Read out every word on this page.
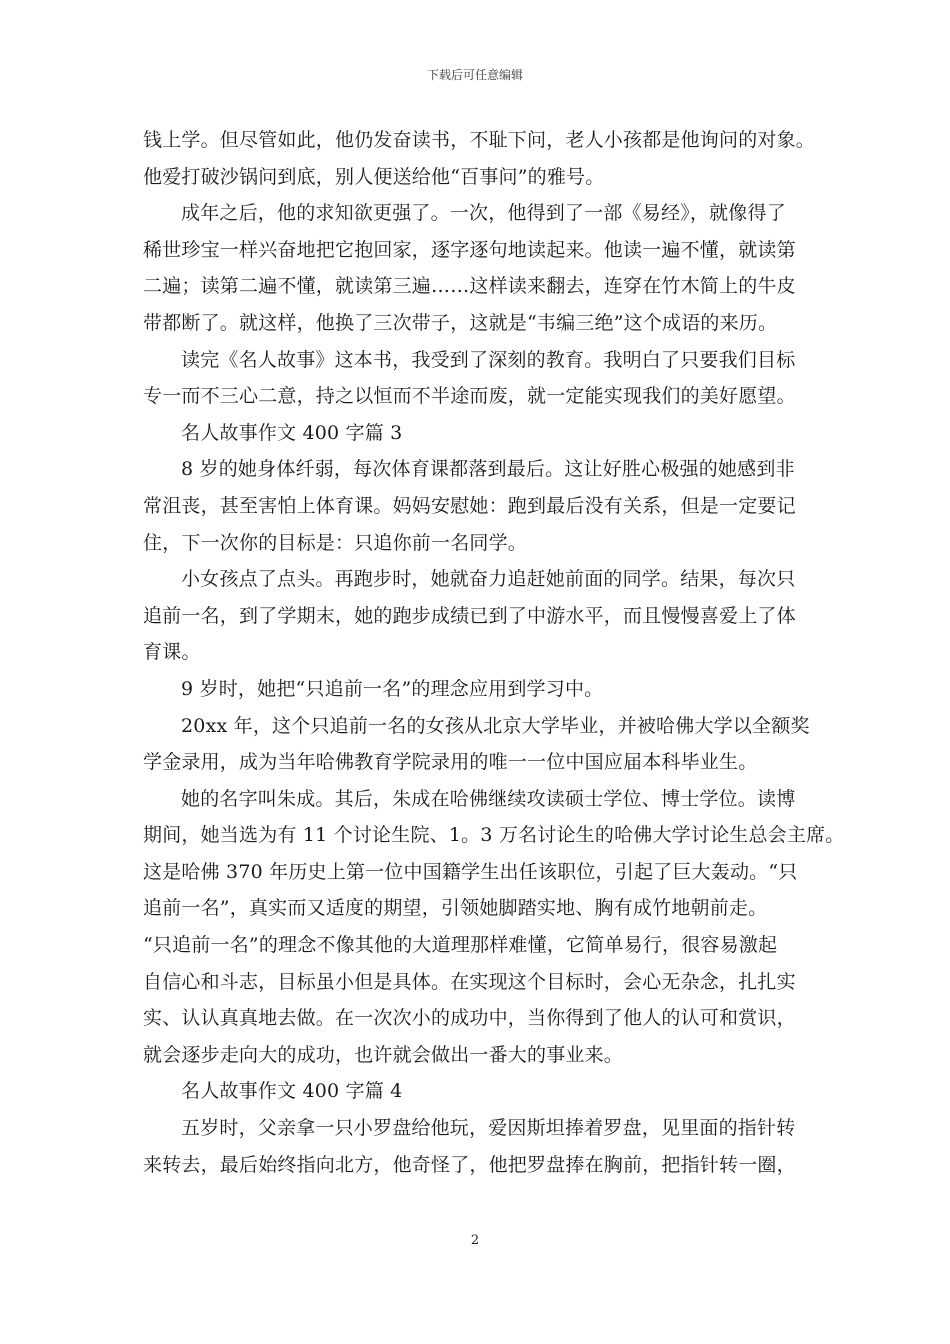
下载后可任意编辑
钱上学。但尽管如此，他仍发奋读书，不耻下问，老人小孩都是他询问的对象。
他爱打破沙锅问到底，别人便送给他“百事问”的雅号。
成年之后，他的求知欲更强了。一次，他得到了一部《易经》，就像得了
稀世珍宝一样兴奋地把它抱回家，逐字逐句地读起来。他读一遍不懂，就读第
二遍；读第二遍不懂，就读第三遍……这样读来翻去，连穿在竹木简上的牛皮
带都断了。就这样，他换了三次带子，这就是“韦编三绝”这个成语的来历。
读完《名人故事》这本书，我受到了深刻的教育。我明白了只要我们目标
专一而不三心二意，持之以恒而不半途而废，就一定能实现我们的美好愿望。
名人故事作文 400 字篇 3
8 岁的她身体纤弱，每次体育课都落到最后。这让好胜心极强的她感到非
常沮丧，甚至害怕上体育课。妈妈安慰她：跑到最后没有关系，但是一定要记
住，下一次你的目标是：只追你前一名同学。
小女孩点了点头。再跑步时，她就奋力追赶她前面的同学。结果，每次只
追前一名，到了学期末，她的跑步成绩已到了中游水平，而且慢慢喜爱上了体
育课。
9 岁时，她把“只追前一名”的理念应用到学习中。
20xx 年，这个只追前一名的女孩从北京大学毕业，并被哈佛大学以全额奖
学金录用，成为当年哈佛教育学院录用的唯一一位中国应届本科毕业生。
她的名字叫朱成。其后，朱成在哈佛继续攻读硕士学位、博士学位。读博
期间，她当选为有 11 个讨论生院、1。3 万名讨论生的哈佛大学讨论生总会主席。
这是哈佛 370 年历史上第一位中国籍学生出任该职位，引起了巨大轰动。“只
追前一名”，真实而又适度的期望，引领她脚踏实地、胸有成竹地朝前走。
“只追前一名”的理念不像其他的大道理那样难懂，它简单易行，很容易激起
自信心和斗志，目标虽小但是具体。在实现这个目标时，会心无杂念，扎扎实
实、认认真真地去做。在一次次小的成功中，当你得到了他人的认可和赏识，
就会逐步走向大的成功，也许就会做出一番大的事业来。
名人故事作文 400 字篇 4
五岁时，父亲拿一只小罗盘给他玩，爱因斯坦捧着罗盘，见里面的指针转
来转去，最后始终指向北方，他奇怪了，他把罗盘捧在胸前，把指针转一圈，
2
